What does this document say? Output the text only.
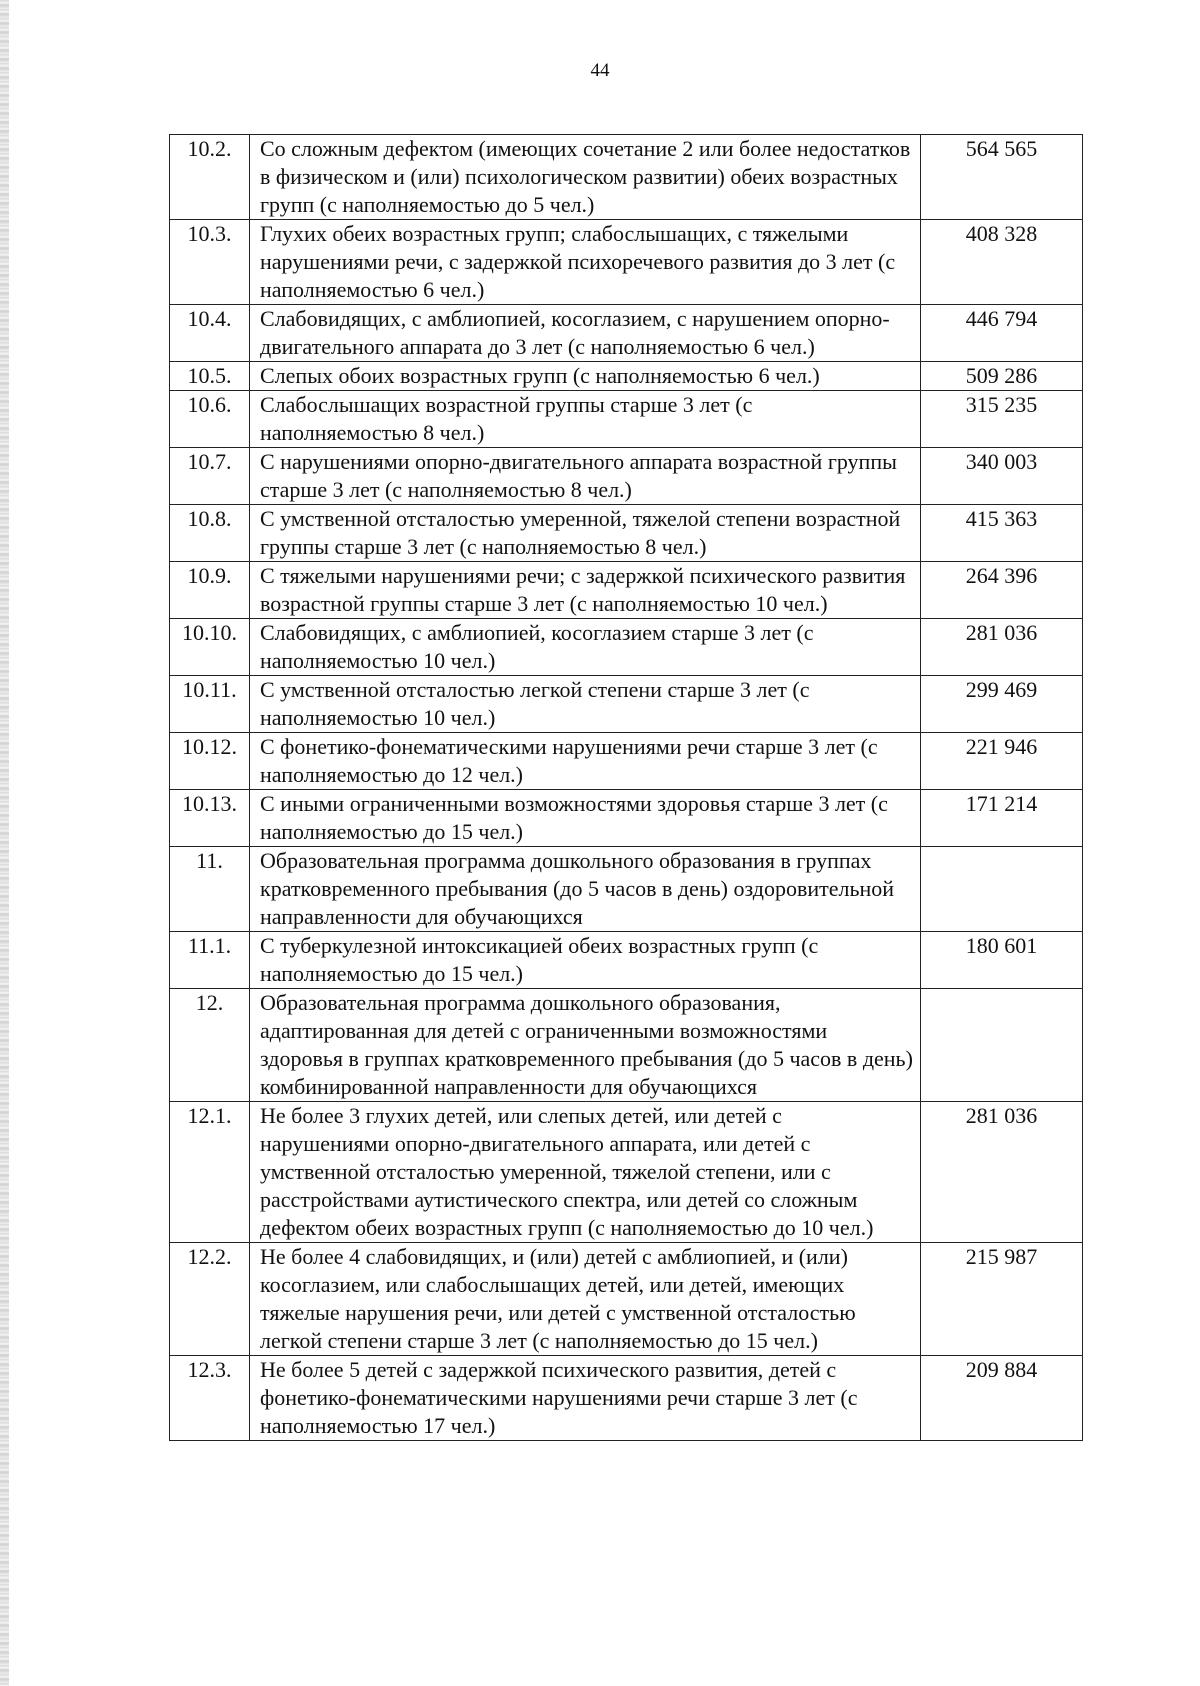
44
10.2.	Со сложным дефектом (имеющих сочетание 2 или более недостатков в физическом и (или) психологическом развитии) обеих возрастных групп (с наполняемостью до 5 чел.)	564 565
10.3.	Глухих обеих возрастных групп; слабослышащих, с тяжелыми нарушениями речи, с задержкой психоречевого развития до 3 лет (с наполняемостью 6 чел.)	408 328
10.4.	Слабовидящих, с амблиопией, косоглазием, с нарушением опорно-двигательного аппарата до 3 лет (с наполняемостью 6 чел.)	446 794
10.5.	Слепых обоих возрастных групп (с наполняемостью 6 чел.)	509 286
10.6.	Слабослышащих возрастной группы старше 3 лет (с наполняемостью 8 чел.)	315 235
10.7.	С нарушениями опорно-двигательного аппарата возрастной группы старше 3 лет (с наполняемостью 8 чел.)	340 003
10.8.	С умственной отсталостью умеренной, тяжелой степени возрастной группы старше 3 лет (с наполняемостью 8 чел.)	415 363
10.9.	С тяжелыми нарушениями речи; с задержкой психического развития возрастной группы старше 3 лет (с наполняемостью 10 чел.)	264 396
10.10.	Слабовидящих, с амблиопией, косоглазием старше 3 лет (с наполняемостью 10 чел.)	281 036
10.11.	С умственной отсталостью легкой степени старше 3 лет (с наполняемостью 10 чел.)	299 469
10.12.	С фонетико-фонематическими нарушениями речи старше 3 лет (с наполняемостью до 12 чел.)	221 946
10.13.	С иными ограниченными возможностями здоровья старше 3 лет (с наполняемостью до 15 чел.)	171 214
11.	Образовательная программа дошкольного образования в группах кратковременного пребывания (до 5 часов в день) оздоровительной направленности для обучающихся	
11.1.	С туберкулезной интоксикацией обеих возрастных групп (с наполняемостью до 15 чел.)	180 601
12.	Образовательная программа дошкольного образования, адаптированная для детей с ограниченными возможностями здоровья в группах кратковременного пребывания (до 5 часов в день) комбинированной направленности для обучающихся	
12.1.	Не более 3 глухих детей, или слепых детей, или детей с нарушениями опорно-двигательного аппарата, или детей с умственной отсталостью умеренной, тяжелой степени, или с расстройствами аутистического спектра, или детей со сложным дефектом обеих возрастных групп (с наполняемостью до 10 чел.)	281 036
12.2.	Не более 4 слабовидящих, и (или) детей с амблиопией, и (или) косоглазием, или слабослышащих детей, или детей, имеющих тяжелые нарушения речи, или детей с умственной отсталостью легкой степени старше 3 лет (с наполняемостью до 15 чел.)	215 987
12.3.	Не более 5 детей с задержкой психического развития, детей с фонетико-фонематическими нарушениями речи старше 3 лет (с наполняемостью 17 чел.)	209 884
